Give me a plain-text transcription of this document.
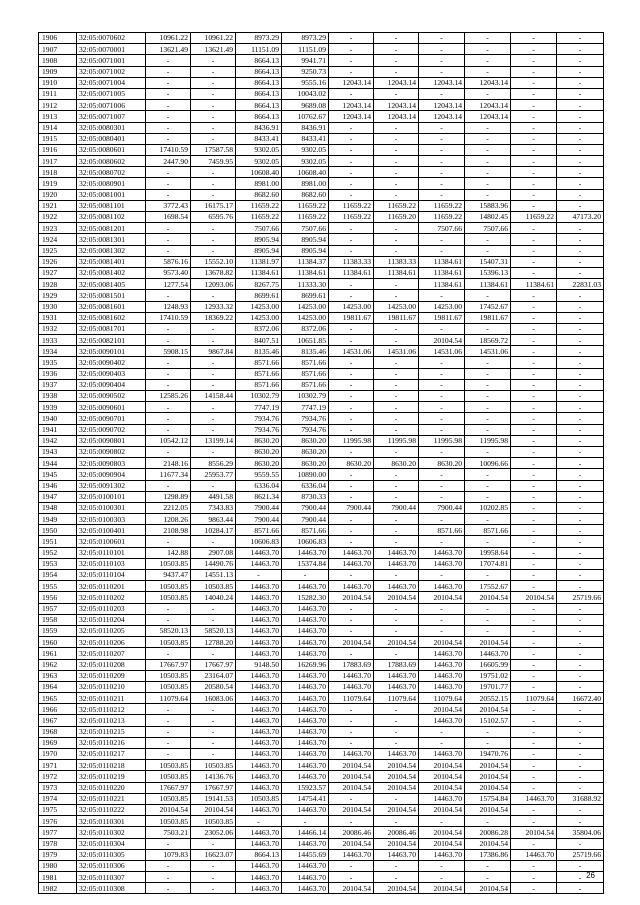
1906	32:05:0070602	10961.22	10961.22	8973.29	8973.29	-	-	-	-	-	-
1907	32:05:0070001	13621.49	13621.49	11151.09	11151.09	-	-	-	-	-	-
1908	32:05:0071001	-	-	8664.13	9941.71	-	-	-	-	-	-
1909	32:05:0071002	-	-	8664.13	9250.73	-	-	-	-	-	-
1910	32:05:0071004	-	-	8664.13	9555.16	12043.14	12043.14	12043.14	12043.14	-	-
1911	32:05:0071005	-	-	8664.13	10043.02	-	-	-	-	-	-
1912	32:05:0071006	-	-	8664.13	9689.08	12043.14	12043.14	12043.14	12043.14	-	-
1913	32:05:0071007	-	-	8664.13	10762.67	12043.14	12043.14	12043.14	12043.14	-	-
1914	32:05:0080301	-	-	8436.91	8436.91	-	-	-	-	-	-
1915	32:05:0080401	-	-	8433.41	8433.41	-	-	-	-	-	-
1916	32:05:0080601	17410.59	17587.58	9302.05	9302.05	-	-	-	-	-	-
1917	32:05:0080602	2447.90	7459.95	9302.05	9302.05	-	-	-	-	-	-
1918	32:05:0080702	-	-	10608.40	10608.40	-	-	-	-	-	-
1919	32:05:0080901	-	-	8981.00	8981.00	-	-	-	-	-	-
1920	32:05:0081001	-	-	8682.60	8682.60	-	-	-	-	-	-
1921	32:05:0081101	3772.43	16175.17	11659.22	11659.22	11659.22	11659.22	11659.22	15883.96	-	-
1922	32:05:0081102	1698.54	6595.76	11659.22	11659.22	11659.22	11659.20	11659.22	14802.45	11659.22	47173.20
1923	32:05:0081201	-	-	7507.66	7507.66	-	-	7507.66	7507.66	-	-
1924	32:05:0081301	-	-	8905.94	8905.94	-	-	-	-	-	-
1925	32:05:0081302	-	-	8905.94	8905.94	-	-	-	-	-	-
1926	32:05:0081401	5876.16	15552.10	11381.97	11384.37	11383.33	11383.33	11384.61	15407.31	-	-
1927	32:05:0081402	9573.40	13678.82	11384.61	11384.61	11384.61	11384.61	11384.61	15396.13	-	-
1928	32:05:0081405	1277.54	12093.06	8267.75	11333.30	-	-	11384.61	11384.61	11384.61	22831.03
1929	32:05:0081501	-	-	8699.61	8699.61	-	-	-	-	-	-
1930	32:05:0081601	1248.93	12933.32	14253.00	14253.00	14253.00	14253.00	14253.00	17452.67	-	-
1931	32:05:0081602	17410.59	18369.22	14253.00	14253.00	19811.67	19811.67	19811.67	19811.67	-	-
1932	32:05:0081701	-	-	8372.06	8372.06	-	-	-	-	-	-
1933	32:05:0082101	-	-	8407.51	10651.85	-	-	20104.54	18569.72	-	-
1934	32:05:0090101	5908.15	9867.84	8135.46	8135.46	14531.06	14531.06	14531.06	14531.06	-	-
1935	32:05:0090402	-	-	8571.66	8571.66	-	-	-	-	-	-
1936	32:05:0090403	-	-	8571.66	8571.66	-	-	-	-	-	-
1937	32:05:0090404	-	-	8571.66	8571.66	-	-	-	-	-	-
1938	32:05:0090502	12585.26	14158.44	10302.79	10302.79	-	-	-	-	-	-
1939	32:05:0090601	-	-	7747.19	7747.19	-	-	-	-	-	-
1940	32:05:0090701	-	-	7934.76	7934.76	-	-	-	-	-	-
1941	32:05:0090702	-	-	7934.76	7934.76	-	-	-	-	-	-
1942	32:05:0090801	10542.12	13199.14	8630.20	8630.20	11995.98	11995.98	11995.98	11995.98	-	-
1943	32:05:0090802	-	-	8630.20	8630.20	-	-	-	-	-	-
1944	32:05:0090803	2148.16	8556.29	8630.20	8630.20	8630.20	8630.20	8630.20	10096.66	-	-
1945	32:05:0090904	11677.34	25953.77	9559.55	10890.00	-	-	-	-	-	-
1946	32:05:0091302	-	-	6336.04	6336.04	-	-	-	-	-	-
1947	32:05:0100101	1298.89	4491.58	8621.34	8730.33	-	-	-	-	-	-
1948	32:05:0100301	2212.05	7343.83	7900.44	7900.44	7900.44	7900.44	7900.44	10202.85	-	-
1949	32:05:0100303	1208.26	9863.44	7900.44	7900.44	-	-	-	-	-	-
1950	32:05:0100401	2108.98	10284.17	8571.66	8571.66	-	-	8571.66	8571.66	-	-
1951	32:05:0100601	-	-	10606.83	10606.83	-	-	-	-	-	-
1952	32:05:0110101	142.88	2907.08	14463.70	14463.70	14463.70	14463.70	14463.70	19958.64	-	-
1953	32:05:0110103	10503.85	14490.76	14463.70	15374.84	14463.70	14463.70	14463.70	17074.81	-	-
1954	32:05:0110104	9437.47	14551.13	-	-	-	-	-	-	-	-
1955	32:05:0110201	10503.85	10503.85	14463.70	14463.70	14463.70	14463.70	14463.70	17552.67	-	-
1956	32:05:0110202	10503.85	14040.24	14463.70	15282.30	20104.54	20104.54	20104.54	20104.54	20104.54	25719.66
1957	32:05:0110203	-	-	14463.70	14463.70	-	-	-	-	-	-
1958	32:05:0110204	-	-	14463.70	14463.70	-	-	-	-	-	-
1959	32:05:0110205	58520.13	58520.13	14463.70	14463.70	-	-	-	-	-	-
1960	32:05:0110206	10503.85	12788.20	14463.70	14463.70	20104.54	20104.54	20104.54	20104.54	-	-
1961	32:05:0110207	-	-	14463.70	14463.70	-	-	14463.70	14463.70	-	-
1962	32:05:0110208	17667.97	17667.97	9148.50	16269.96	17883.69	17883.69	14463.70	16605.99	-	-
1963	32:05:0110209	10503.85	23164.07	14463.70	14463.70	14463.70	14463.70	14463.70	19751.02	-	-
1964	32:05:0110210	10503.85	20580.54	14463.70	14463.70	14463.70	14463.70	14463.70	19701.77	-	-
1965	32:05:0110211	11079.64	16083.06	14463.70	14463.70	11079.64	11079.64	11079.64	20552.15	11079.64	16672.40
1966	32:05:0110212	-	-	14463.70	14463.70	-	-	20104.54	20104.54	-	-
1967	32:05:0110213	-	-	14463.70	14463.70	-	-	14463.70	15102.57	-	-
1968	32:05:0110215	-	-	14463.70	14463.70	-	-	-	-	-	-
1969	32:05:0110216	-	-	14463.70	14463.70	-	-	-	-	-	-
1970	32:05:0110217	-	-	14463.70	14463.70	14463.70	14463.70	14463.70	19470.76	-	-
1971	32:05:0110218	10503.85	10503.85	14463.70	14463.70	20104.54	20104.54	20104.54	20104.54	-	-
1972	32:05:0110219	10503.85	14136.76	14463.70	14463.70	20104.54	20104.54	20104.54	20104.54	-	-
1973	32:05:0110220	17667.97	17667.97	14463.70	15923.57	20104.54	20104.54	20104.54	20104.54	-	-
1974	32:05:0110221	10503.85	19141.53	10503.85	14754.41	-	-	14463.70	15754.84	14463.70	31688.92
1975	32:05:0110222	20104.54	20104.54	14463.70	14463.70	20104.54	20104.54	20104.54	20104.54	-	-
1976	32:05:0110301	10503.85	10503.85	-	-	-	-	-	-	-	-
1977	32:05:0110302	7503.21	23052.06	14463.70	14466.14	20086.46	20086.46	20104.54	20086.28	20104.54	35804.06
1978	32:05:0110304	-	-	14463.70	14463.70	20104.54	20104.54	20104.54	20104.54	-	-
1979	32:05:0110305	1079.83	16623.07	8664.13	14455.69	14463.70	14463.70	14463.70	17386.86	14463.70	25719.66
1980	32:05:0110306	-	-	14463.70	14463.70	-	-	-	-	-	-
1981	32:05:0110307	-	-	14463.70	14463.70	-	-	-	-	-	-
1982	32:05:0110308	-	-	14463.70	14463.70	20104.54	20104.54	20104.54	20104.54	-	-
26
